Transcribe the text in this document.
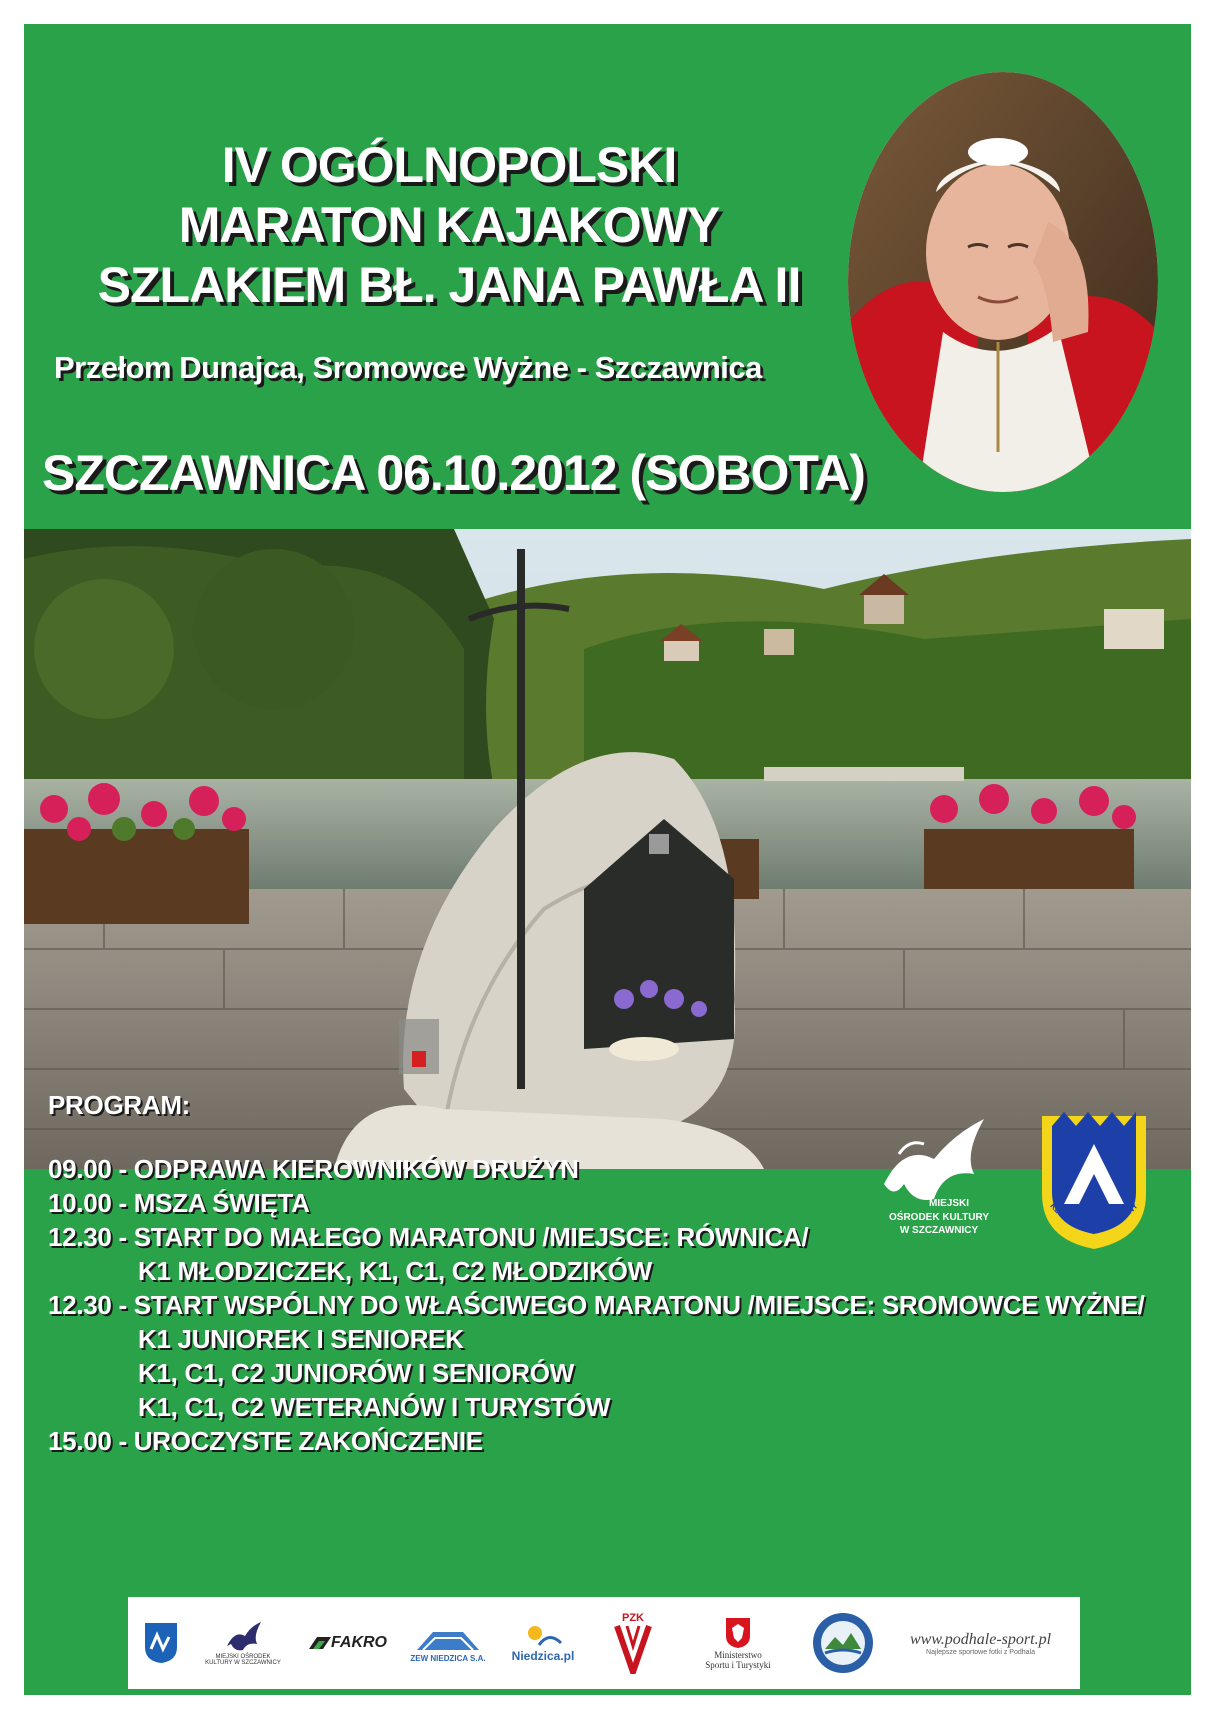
IV OGÓLNOPOLSKI
MARATON KAJAKOWY
SZLAKIEM BŁ. JANA PAWŁA II
Przełom Dunajca, Sromowce Wyżne - Szczawnica
SZCZAWNICA 06.10.2012 (SOBOTA)
PROGRAM:
09.00 - ODPRAWA KIEROWNIKÓW DRUŻYN
10.00 - MSZA ŚWIĘTA
12.30 - START DO MAŁEGO MARATONU /MIEJSCE: RÓWNICA/
K1 MŁODZICZEK, K1, C1, C2 MŁODZIKÓW
12.30 - START WSPÓLNY DO WŁAŚCIWEGO MARATONU /MIEJSCE: SROMOWCE WYŻNE/
K1 JUNIOREK I SENIOREK
K1, C1, C2 JUNIORÓW I SENIORÓW
K1, C1, C2 WETERANÓW I TURYSTÓW
15.00 - UROCZYSTE ZAKOŃCZENIE
MIEJSKI
OŚRODEK KULTURY
W SZCZAWNICY
KLUB SPORTOWY PIENINY
MIEJSKI OŚRODEK KULTURY W SZCZAWNICY
FAKRO
ZEW NIEDZICA S.A. Niedzica.pl
PZK
Ministerstwo
Sportu i Turystyki
www.podhale-sport.pl
Najlepsze sportowe fotki z Podhala
